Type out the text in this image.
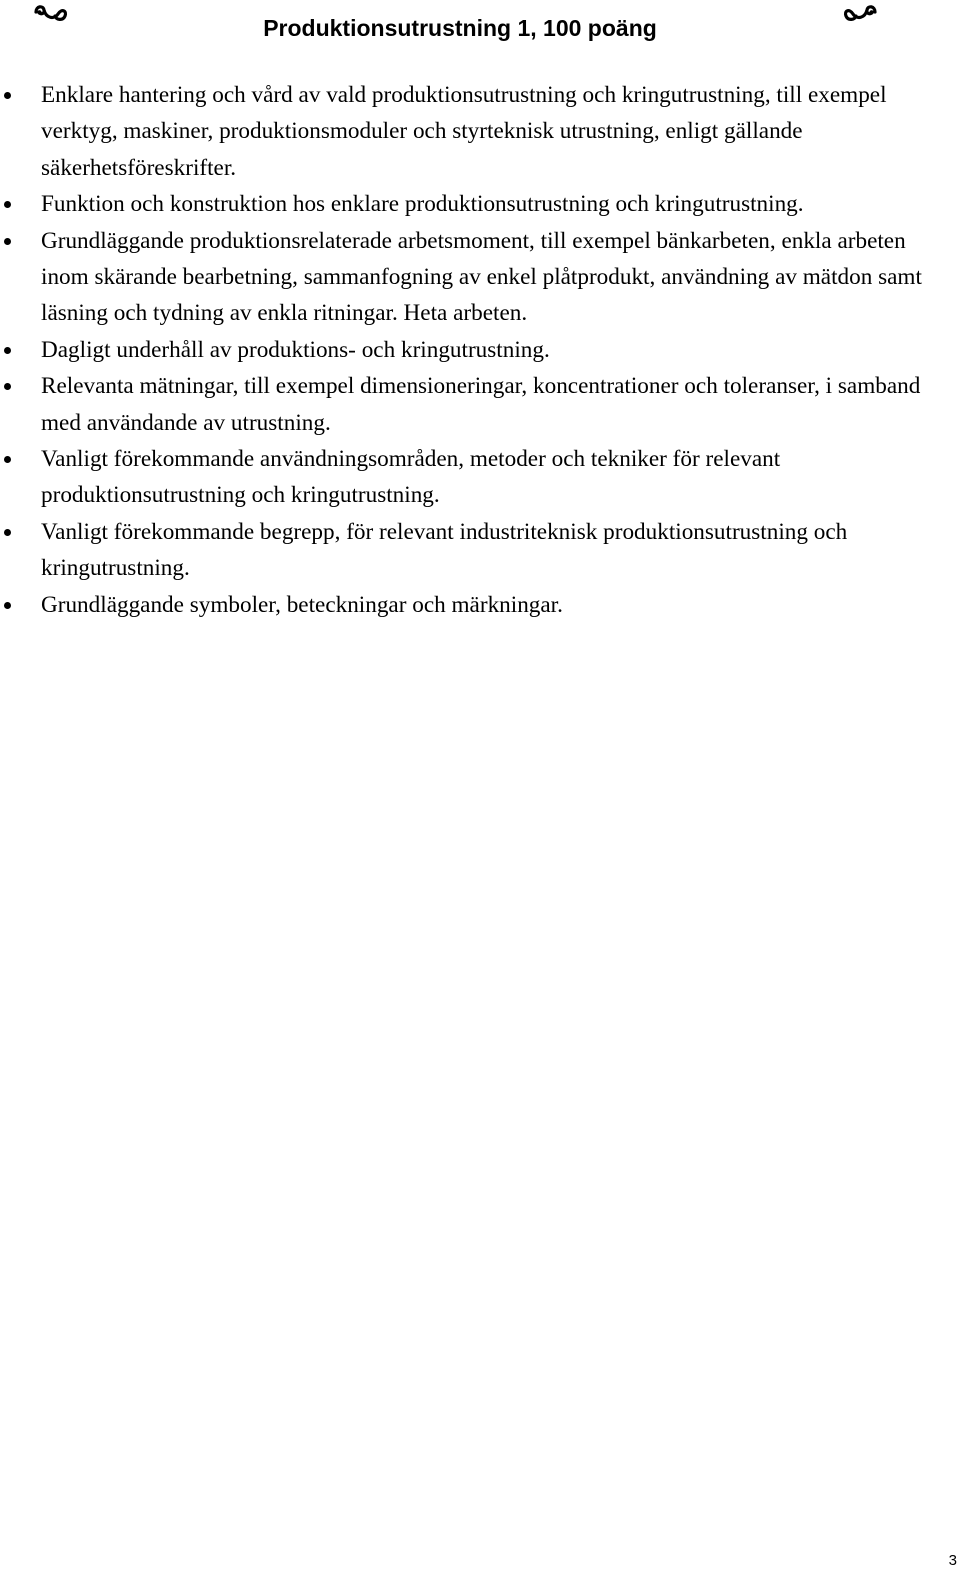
Produktionsutrustning 1, 100 poäng
Enklare hantering och vård av vald produktionsutrustning och kringutrustning, till exempel verktyg, maskiner, produktionsmoduler och styrteknisk utrustning, enligt gällande säkerhetsföreskrifter.
Funktion och konstruktion hos enklare produktionsutrustning och kringutrustning.
Grundläggande produktionsrelaterade arbetsmoment, till exempel bänkarbeten, enkla arbeten inom skärande bearbetning, sammanfogning av enkel plåtprodukt, användning av mätdon samt läsning och tydning av enkla ritningar. Heta arbeten.
Dagligt underhåll av produktions- och kringutrustning.
Relevanta mätningar, till exempel dimensioneringar, koncentrationer och toleranser, i samband med användande av utrustning.
Vanligt förekommande användningsområden, metoder och tekniker för relevant produktionsutrustning och kringutrustning.
Vanligt förekommande begrepp, för relevant industriteknisk produktionsutrustning och kringutrustning.
Grundläggande symboler, beteckningar och märkningar.
3
